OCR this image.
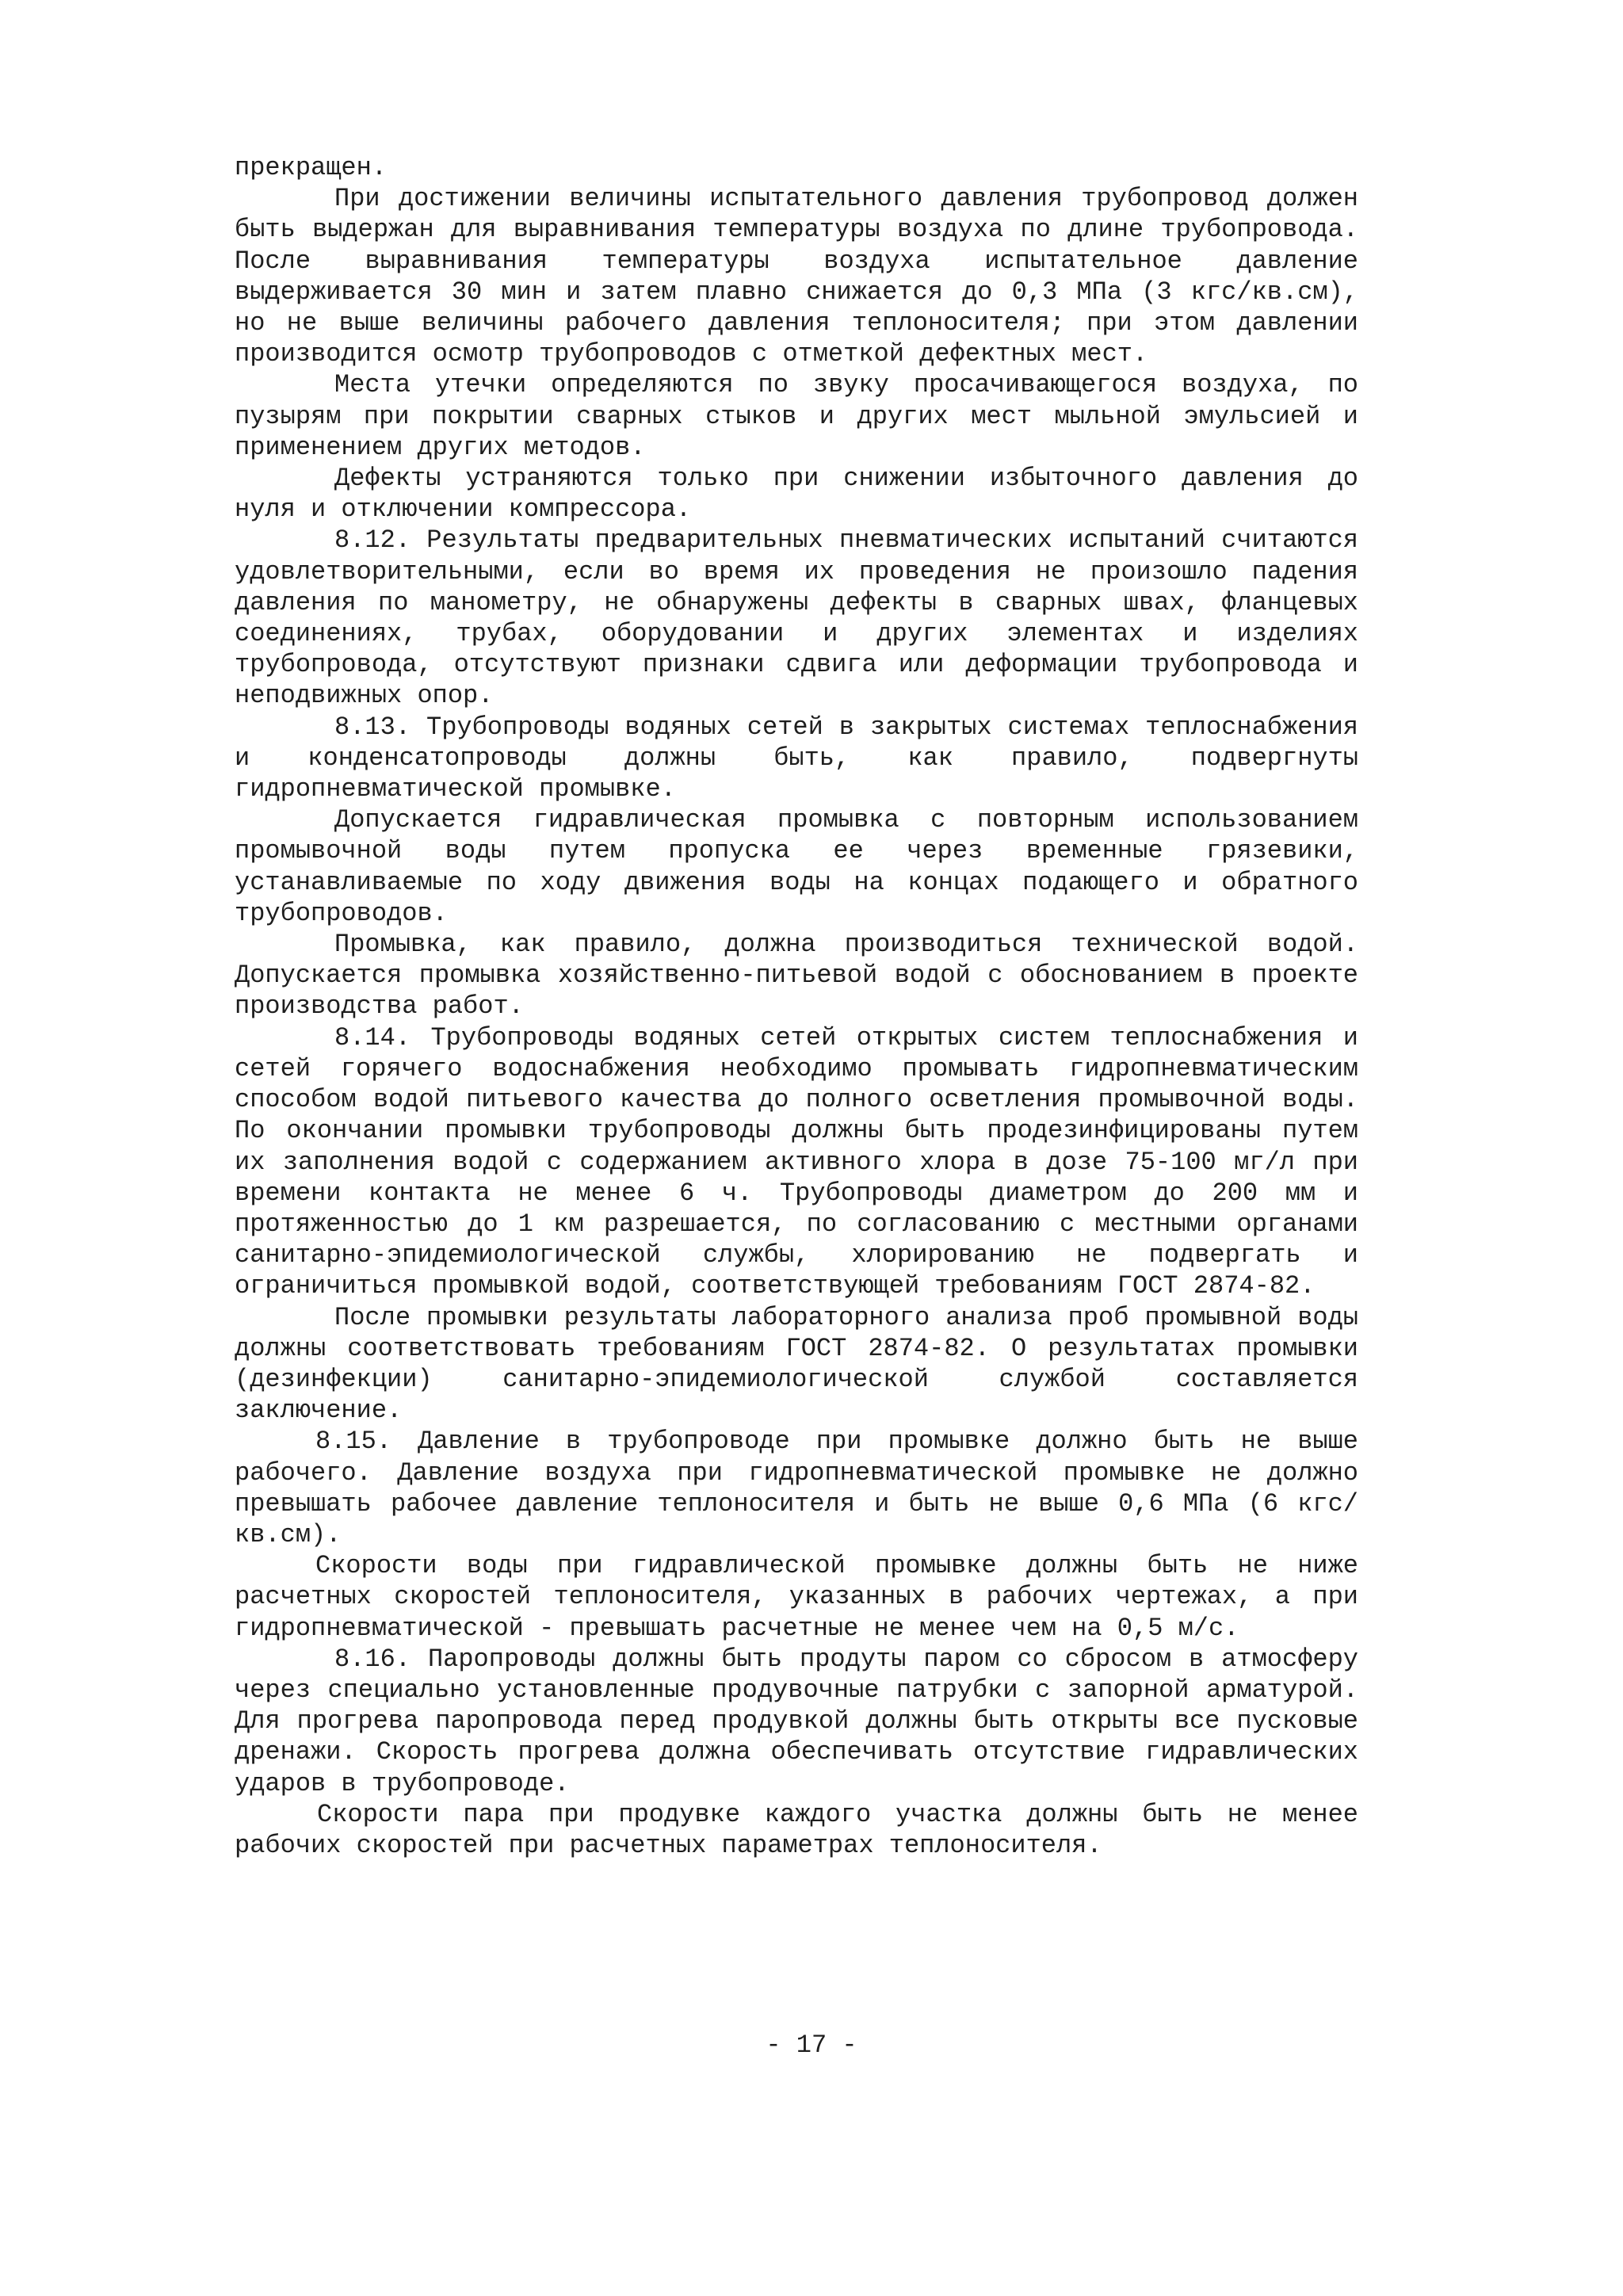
прекращен.

При достижении величины испытательного давления трубопровод должен быть выдержан для выравнивания температуры воздуха по длине трубопровода. После выравнивания температуры воздуха испытательное давление выдерживается 30 мин и затем плавно снижается до 0,3 МПа (3 кгс/кв.см), но не выше величины рабочего давления теплоносителя; при этом давлении производится осмотр трубопроводов с отметкой дефектных мест.

Места утечки определяются по звуку просачивающегося воздуха, по пузырям при покрытии сварных стыков и других мест мыльной эмульсией и применением других методов.

Дефекты устраняются только при снижении избыточного давления до нуля и отключении компрессора.

8.12. Результаты предварительных пневматических испытаний считаются удовлетворительными, если во время их проведения не произошло падения давления по манометру, не обнаружены дефекты в сварных швах, фланцевых соединениях, трубах, оборудовании и других элементах и изделиях трубопровода, отсутствуют признаки сдвига или деформации трубопровода и неподвижных опор.

8.13. Трубопроводы водяных сетей в закрытых системах теплоснабжения и конденсатопроводы должны быть, как правило, подвергнуты гидропневматической промывке.

Допускается гидравлическая промывка с повторным использованием промывочной воды путем пропуска ее через временные грязевики, устанавливаемые по ходу движения воды на концах подающего и обратного трубопроводов.

Промывка, как правило, должна производиться технической водой. Допускается промывка хозяйственно-питьевой водой с обоснованием в проекте производства работ.

8.14. Трубопроводы водяных сетей открытых систем теплоснабжения и сетей горячего водоснабжения необходимо промывать гидропневматическим способом водой питьевого качества до полного осветления промывочной воды. По окончании промывки трубопроводы должны быть продезинфицированы путем их заполнения водой с содержанием активного хлора в дозе 75-100 мг/л при времени контакта не менее 6 ч. Трубопроводы диаметром до 200 мм и протяженностью до 1 км разрешается, по согласованию с местными органами санитарно-эпидемиологической службы, хлорированию не подвергать и ограничиться промывкой водой, соответствующей требованиям ГОСТ 2874-82.

После промывки результаты лабораторного анализа проб промывной воды должны соответствовать требованиям ГОСТ 2874-82. О результатах промывки (дезинфекции) санитарно-эпидемиологической службой составляется заключение.

8.15. Давление в трубопроводе при промывке должно быть не выше рабочего. Давление воздуха при гидропневматической промывке не должно превышать рабочее давление теплоносителя и быть не выше 0,6 МПа (6 кгс/кв.см).

Скорости воды при гидравлической промывке должны быть не ниже расчетных скоростей теплоносителя, указанных в рабочих чертежах, а при гидропневматической - превышать расчетные не менее чем на 0,5 м/с.

8.16. Паропроводы должны быть продуты паром со сбросом в атмосферу через специально установленные продувочные патрубки с запорной арматурой. Для прогрева паропровода перед продувкой должны быть открыты все пусковые дренажи. Скорость прогрева должна обеспечивать отсутствие гидравлических ударов в трубопроводе.

Скорости пара при продувке каждого участка должны быть не менее рабочих скоростей при расчетных параметрах теплоносителя.

- 17 -
